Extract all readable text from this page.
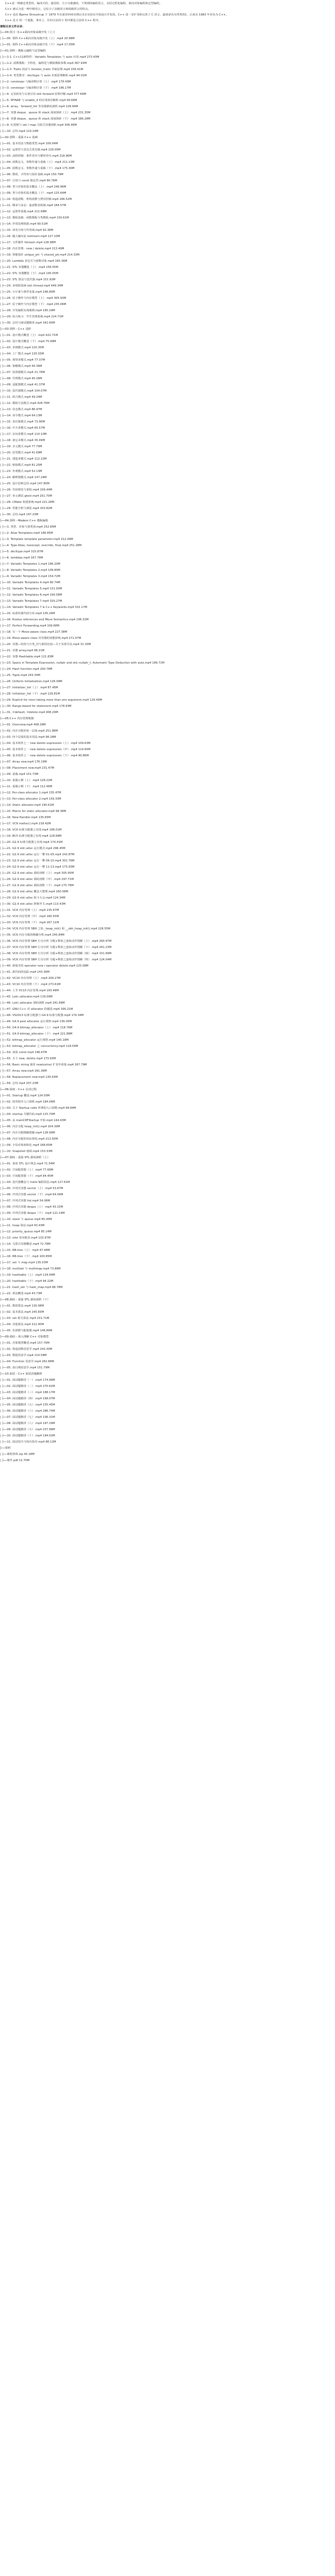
C++是一种静态类型的、编译式的、通用的、大小写敏感的、不规则的编程语言，支持过程化编程、面向对象编程和泛型编程。
C++ 被认为是一种中级语言，它综合了高级语言和低级语言的特点。
C++ 是由 Bjarne Stroustrup 于 1979 年在新泽西州美利山贝尔实验室开始设计开发的。C++ 进一步扩充和完善了 C 语言，最初命名为带类的C，后来在 1983 年更名为 C++。
C++ 是 C 的一个超集，事实上，任何合法的 C 程序都是合法的 C++ 程序。
课程目录文件目录：
├──00.预习（C++面向对象高级开发（上））
| ├──00. 预科 C++面向对象高级开发（上）.mp4 20.98M
| ├──01. 预科 C++面向对象高级开发（下）.mp4 17.05M
├──01.预科 - 模板元编程与泛型编程
| ├──1-1. C++11新特性：Variadic Templates 与 auto 应用.mp4 273.43M
| ├──1-2. 函数模板：全特化、偏特化与模板模板参数.mp4 367.93M
| ├──1-3. Traits 技法与 iterator_traits 萃取原理.mp4 156.41M
| ├──1-4. 类型推导：decltype 与 auto 实现原理解析.mp4 94.01M
| ├──2. constexpr 与编译期计算（上）.mp4 178.43M
| ├──3. constexpr 与编译期计算（下）.mp4 186.17M
| ├──4. 完美转发与右值引用 std::forward 原理详解.mp4 377.69M
| ├──5. SFINAE 与 enable_if 的应用场景解析.mp4 56.66M
| ├──6. array、forward_list 等容器源码剖析.mp4 128.94M
| ├──7. 容器 deque、queue 和 stack 深度探索（上）.mp4 231.35M
| ├──8. 容器 deque、queue 和 stack 深度探索（下）.mp4 186.28M
| ├──9. 红黑树与 set / map 关联式容器剖析.mp4 306.46M
| ├──10. 总结.mp4 110.14M
├──02.预科 - 重温 C++ 基础
| ├──01. 基本语法与数据类型.mp4 109.04M
| ├──02. 运算符与表达式优先级.mp4 226.05M
| ├──03. 流程控制：条件语句与循环语句.mp4 218.96M
| ├──04. 函数定义、参数传递与重载（上）.mp4 211.13M
| ├──05. 函数定义、参数传递与重载（下）.mp4 175.30M
| ├──06. 数组、字符串与指针基础.mp4 150.79M
| ├──07. 引用与 const 限定符.mp4 80.76M
| ├──08. 类与对象的基本概念（上）.mp4 246.96M
| ├──09. 类与对象的基本概念（下）.mp4 125.64M
| ├──10. 构造函数、析构函数与拷贝控制.mp4 166.52M
| ├──11. 继承与多态：虚函数表机制.mp4 184.57M
| ├──12. 运算符重载.mp4 211.68M
| ├──13. 模板基础：函数模板与类模板.mp4 150.61M
| ├──14. 异常处理机制.mp4 90.51M
| ├──15. 命名空间与作用域.mp4 92.38M
| ├──16. 输入输出流 iostream.mp4 127.10M
| ├──17. 文件操作 fstream.mp4 128.98M
| ├──18. 内存管理：new / delete.mp4 213.40M
| ├──19. 智能指针 unique_ptr 与 shared_ptr.mp4 214.33M
| ├──20. Lambda 表达式与函数对象.mp4 165.36M
| ├──21. STL 容器概览（上）.mp4 156.05M
| ├──22. STL 容器概览（下）.mp4 100.05M
| ├──23. STL 算法与迭代器.mp4 151.92M
| ├──24. 多线程基础 std::thread.mp4 449.34M
| ├──25. 互斥量与条件变量.mp4 166.80M
| ├──26. 原子操作与内存模型（上）.mp4 305.93M
| ├──27. 原子操作与内存模型（下）.mp4 235.06M
| ├──28. 并发编程实战案例.mp4 185.29M
| ├──29. 综合练习：学生管理系统.mp4 224.71M
| ├──30. 总结与面试题精讲.mp4 342.90M
├──03.预科 - C++ 进阶
| ├──01. 设计模式概述（上）.mp4 422.71M
| ├──02. 设计模式概述（下）.mp4 75.99M
| ├──03. 单例模式.mp4 120.35M
| ├──04. 工厂模式.mp4 135.03M
| ├──05. 观察者模式.mp4 77.37M
| ├──06. 策略模式.mp4 56.36M
| ├──07. 装饰器模式.mp4 21.78M
| ├──08. 代理模式.mp4 40.26M
| ├──09. 适配器模式.mp4 41.37M
| ├──10. 迭代器模式.mp4 104.07M
| ├──11. 组合模式.mp4 49.24M
| ├──12. 模板方法模式.mp4 428.76M
| ├──13. 状态模式.mp4 86.97M
| ├──14. 命令模式.mp4 64.13M
| ├──15. 责任链模式.mp4 73.90M
| ├──16. 中介者模式.mp4 60.57M
| ├──17. 访问者模式.mp4 110.10M
| ├──18. 备忘录模式.mp4 35.49M
| ├──19. 享元模式.mp4 77.70M
| ├──20. 原型模式.mp4 41.69M
| ├──21. 建造者模式.mp4 112.22M
| ├──22. 桥接模式.mp4 81.25M
| ├──23. 外观模式.mp4 52.13M
| ├──24. 解释器模式.mp4 147.24M
| ├──25. 设计原则总结.mp4 147.80M
| ├──26. 代码规范与重构.mp4 109.44M
| ├──27. 单元测试 gtest.mp4 251.70M
| ├──28. CMake 构建系统.mp4 221.28M
| ├──29. 性能分析与调优.mp4 103.82M
| ├──30. 总结.mp4 147.23M
├──04.预科 - Modern C++ 模板编程
| ├──1. 类型、对象与值类别.mp4 252.85M
| ├──2. Alias Templates.mp4 186.85M
| ├──3. Template template parameter.mp4 212.49M
| ├──4. Type Alias, noexcept, override, final.mp4 251.28M
| ├──5. decltype.mp4 315.87M
| ├──6. lambdas.mp4 167.79M
| ├──7. Variadic Templates 1.mp4 166.20M
| ├──8. Variadic Templates 2.mp4 109.80M
| ├──9. Variadic Templates 3.mp4 154.72M
| ├──10. Variadic Templates 4.mp4 80.74M
| ├──11. Variadic Templates 5.mp4 131.93M
| ├──12. Variadic Templates 6.mp4 190.58M
| ├──13. Variadic Templates 7.mp4 316.27M
| ├──14. Variadic Templates 7 & C++ Keywords.mp4 332.17M
| ├──15. 标准库源代码分布.mp4 105.26M
| ├──16. Rvalue references and Move Semantics.mp4 106.32M
| ├──17. Perfect Forwarding.mp4 109.68M
| ├──18. 写一个 Move-aware class.mp4 227.38M
| ├──19. Move-aware class 对容器的效能影响.mp4 271.07M
| ├──20. 容器—结构与分类_旧与新的比较—关于实现手法.mp4 31.30M
| ├──21. 容器 array.mp4 98.21M
| ├──22. 容器 Hashtable.mp4 121.83M
| ├──23. Space in Template Expression, nullptr and std::nullptr_t, Automatic Type Deduction with auto.mp4 189.71M
| ├──24. Hash function.mp4 200.76M
| ├──25. Tuple.mp4 243.34M
| ├──26. Uniform Initialization.mp4 126.09M
| ├──27. Initializer_list（上）.mp4 87.45M
| ├──28. Initializer_list（下）.mp4 129.81M
| ├──29. Explicit for ctors taking more than one argument.mp4 129.49M
| ├──30. Range-based for statement.mp4 178.93M
| ├──31. =default, =delete.mp4 408.29M
├──05.C++ 内存管理机制
| ├──01. Overview.mp4 408.28M
| ├──02. 内存分配的每一层面.mp4 251.98M
| ├──03. 四个层面的基本用法.mp4 98.26M
| ├──04. 基本构件之一 new delete expression（上）.mp4 109.63M
| ├──05. 基本构件之一 new delete expression（中）.mp4 114.65M
| ├──06. 基本构件之一 new delete expression（下）.mp4 90.86M
| ├──07. Array new.mp4 176.19M
| ├──08. Placement new.mp4 231.47M
| ├──09. 重载.mp4 151.73M
| ├──10. 重载示例（上）.mp4 128.22M
| ├──11. 重载示例（下）.mp4 112.46M
| ├──12. Per-class allocator 1.mp4 235.47M
| ├──13. Per-class allocator 2.mp4 159.33M
| ├──14. Static allocator.mp4 190.61M
| ├──15. Macro for static allocator.mp4 98.38M
| ├──16. New Handler.mp4 135.83M
| ├──17. VC6 malloc().mp4 218.42M
| ├──18. VC6 标准分配器之实现.mp4 186.01M
| ├──19. BC5 标准分配器之实现.mp4 128.68M
| ├──20. G2.9 标准分配器之实现.mp4 174.41M
| ├──21. G2.9 std::alloc 运行模式.mp4 296.45M
| ├──22. G2.9 std::alloc 运行一瞥 01-05.mp4 242.87M
| ├──23. G2.9 std::alloc 运行一瞥 06-10.mp4 301.76M
| ├──24. G2.9 std::alloc 运行一瞥 11-13.mp4 175.93M
| ├──25. G2.9 std::alloc 源码剖析（上）.mp4 305.95M
| ├──26. G2.9 std::alloc 源码剖析（中）.mp4 297.71M
| ├──27. G2.9 std::alloc 源码剖析（下）.mp4 175.78M
| ├──28. G2.9 std::alloc 概念大整理.mp4 160.58M
| ├──29. G2.9 std::alloc 批斗大会.mp4 124.34M
| ├──30. G2.9 std::alloc 移植至 C.mp4 113.43M
| ├──31. VC6 内存管理（上）.mp4 235.67M
| ├──32. VC6 内存管理（中）.mp4 160.55M
| ├──33. VC6 内存管理（下）.mp4 267.11M
| ├──34. VC6 内存管理 SBH 之始 _heap_init() 和 __sbh_heap_init().mp4 228.55M
| ├──35. VC6 内存分配的精确分析.mp4 245.84M
| ├──36. VC6 内存管理 SBH 行为分析 分配+释放之连续动作图解（上）.mp4 260.97M
| ├──37. VC6 内存管理 SBH 行为分析 分配+释放之连续动作图解（下）.mp4 261.23M
| ├──38. VC6 内存管理 SBH 行为分析 分配+释放之连续动作图解（续）.mp4 151.69M
| ├──39. VC6 内存管理 SBH 行为分析 分配+释放之连续动作图解（终）.mp4 124.04M
| ├──40. 新版本的 operator new / operator delete.mp4 125.08M
| ├──41. 源代码的追踪.mp4 143.36M
| ├──42. VC10 内存管理（上）.mp4 209.27M
| ├──43. VC10 内存管理（下）.mp4 273.61M
| ├──44. 上节 VC10 内存管理.mp4 193.48M
| ├──45. Loki::allocator.mp4 119.09M
| ├──46. Loki::allocator 源码剖析.mp4 241.68M
| ├──47. GNU C++ 对 allocator 的描述.mp4 166.21M
| ├──48. VS2013 标准分配器与 G4.9 标准分配器.mp4 174.34M
| ├──49. G4.9 pool allocator 运行观察.mp4 139.26M
| ├──50. G4.9 bitmap_allocator（上）.mp4 118.76M
| ├──51. G4.9 bitmap_allocator（下）.mp4 221.88M
| ├──52. bitmap_allocator 运行观察.mp4 140.18M
| ├──53. bitmap_allocator 之 concurrency.mp4 118.54M
| ├──54. 谈谈 const.mp4 146.67M
| ├──55. 关于 new, delete.mp4 173.93M
| ├──56. Basic string 使用 new(extra) 扩充申请量.mp4 267.79M
| ├──57. Array new.mp4 261.36M
| ├──58. Replacement new.mp4 130.63M
| ├──59. 总结.mp4 207.23M
├──06.深度 - C++ 启动过程
| ├──01. Startup 概述.mp4 124.50M
| ├──02. 简单程序入口剖析.mp4 184.06M
| ├──03. 关于 Startup code 所谓的入口函数.mp4 99.84M
| ├──04. startup 关键代码.mp4 125.70M
| ├──05. 从 mainCRTStartup 开始.mp4 144.43M
| ├──06. 内存分配 heap_init().mp4 204.30M
| ├──07. 内存分配精确图解.mp4 128.99M
| ├──08. 内存分配的实际情况.mp4 213.50M
| ├──09. 全局对象初始化.mp4 188.65M
| ├──10. Snapshot 画面.mp4 153.33M
├──07.源码 - 重温 STL 源码剖析（上）
| ├──01. 重谈 STL 设计理念.mp4 71.54M
| ├──02. 空间配置器（上）.mp4 77.69M
| ├──03. 空间配置器（下）.mp4 84.45M
| ├──04. 迭代器概念与 traits 编程技法.mp4 127.61M
| ├──05. 序列式容器 vector（上）.mp4 53.67M
| ├──06. 序列式容器 vector（下）.mp4 64.56M
| ├──07. 序列式容器 list.mp4 54.06M
| ├──08. 序列式容器 deque（上）.mp4 43.15M
| ├──09. 序列式容器 deque（下）.mp4 121.16M
| ├──10. stack 与 queue.mp4 85.40M
| ├──11. heap 算法.mp4 93.43M
| ├──12. priority_queue.mp4 85.14M
| ├──13. slist 单向链表.mp4 133.97M
| ├──14. 关联式容器概述.mp4 72.78M
| ├──15. RB-tree（上）.mp4 47.48M
| ├──16. RB-tree（下）.mp4 100.85M
| ├──17. set 与 map.mp4 135.03M
| ├──18. multiset 与 multimap.mp4 73.86M
| ├──19. hashtable（上）.mp4 129.94M
| ├──20. hashtable（下）.mp4 94.22M
| ├──21. hash_set 与 hash_map.mp4 88.78M
| ├──22. 算法概述.mp4 43.73M
├──08.源码 - 重温 STL 源码剖析（下）
| ├──01. 数值算法.mp4 130.08M
| ├──02. 基本算法.mp4 245.83M
| ├──03. set 相关算法.mp4 231.71M
| ├──04. 其他算法.mp4 212.40M
| ├──05. 仿函数与配接器.mp4 146.89M
├──09.源码 - 深入理解 C++ 对象模型
| ├──01. 对象模型概述.mp4 157.76M
| ├──02. 构造函数语意学.mp4 243.30M
| ├──03. 数据语意学.mp4 210.58M
| ├──04. Function 语意学.mp4 262.88M
| ├──05. 执行期语意学.mp4 151.79M
├──10.面试 - C++ 面试真题解析
| ├──01. 面试题精讲（一）.mp4 174.98M
| ├──02. 面试题精讲（二）.mp4 270.62M
| ├──03. 面试题精讲（三）.mp4 188.17M
| ├──04. 面试题精讲（四）.mp4 168.07M
| ├──05. 面试题精讲（五）.mp4 155.45M
| ├──06. 面试题精讲（六）.mp4 286.74M
| ├──07. 面试题精讲（七）.mp4 106.31M
| ├──08. 面试题精讲（八）.mp4 187.29M
| ├──09. 面试题精讲（九）.mp4 237.98M
| ├──10. 面试题精讲（十）.mp4 194.02M
| ├──11. 面试技巧与简历指导.mp4 86.12M
├──资料
| ├──课程资料.zip 45.18M
| ├──课件.pdf 12.70M
